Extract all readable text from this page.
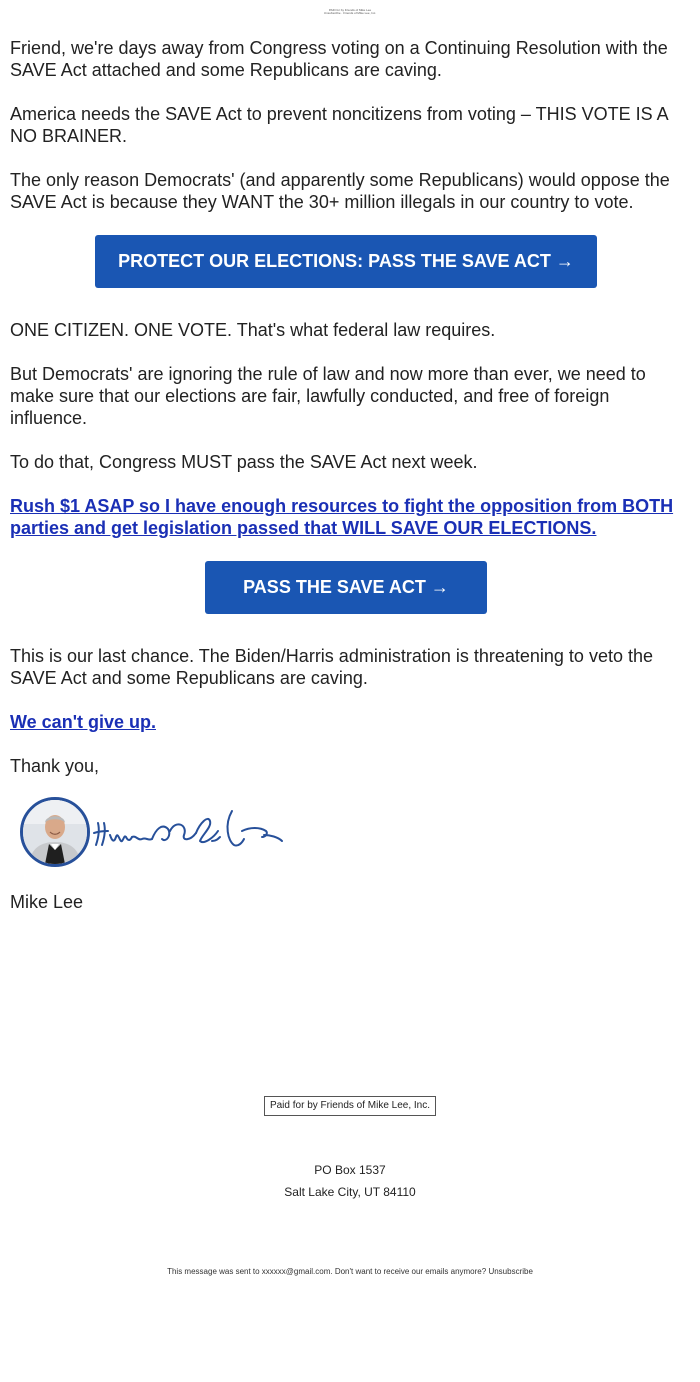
PAID for by Friends of Mike Lee
Unsubscribe · Friends of Mike Lee, Inc.

Friend, we're days away from Congress voting on a Continuing Resolution with the SAVE Act attached and some Republicans are caving.

America needs the SAVE Act to prevent noncitizens from voting – THIS VOTE IS A NO BRAINER.

The only reason Democrats' (and apparently some Republicans) would oppose the SAVE Act is because they WANT the 30+ million illegals in our country to vote.

PROTECT OUR ELECTIONS: PASS THE SAVE ACT →

ONE CITIZEN. ONE VOTE. That's what federal law requires.

But Democrats' are ignoring the rule of law and now more than ever, we need to make sure that our elections are fair, lawfully conducted, and free of foreign influence.

To do that, Congress MUST pass the SAVE Act next week.

Rush $1 ASAP so I have enough resources to fight the opposition from BOTH parties and get legislation passed that WILL SAVE OUR ELECTIONS.

PASS THE SAVE ACT →

This is our last chance. The Biden/Harris administration is threatening to veto the SAVE Act and some Republicans are caving.

We can't give up.

Thank you,

Mike Lee

Paid for by Friends of Mike Lee, Inc.
PO Box 1537
Salt Lake City, UT 84110
This message was sent to xxxxxx@gmail.com. Don't want to receive our emails anymore? Unsubscribe
